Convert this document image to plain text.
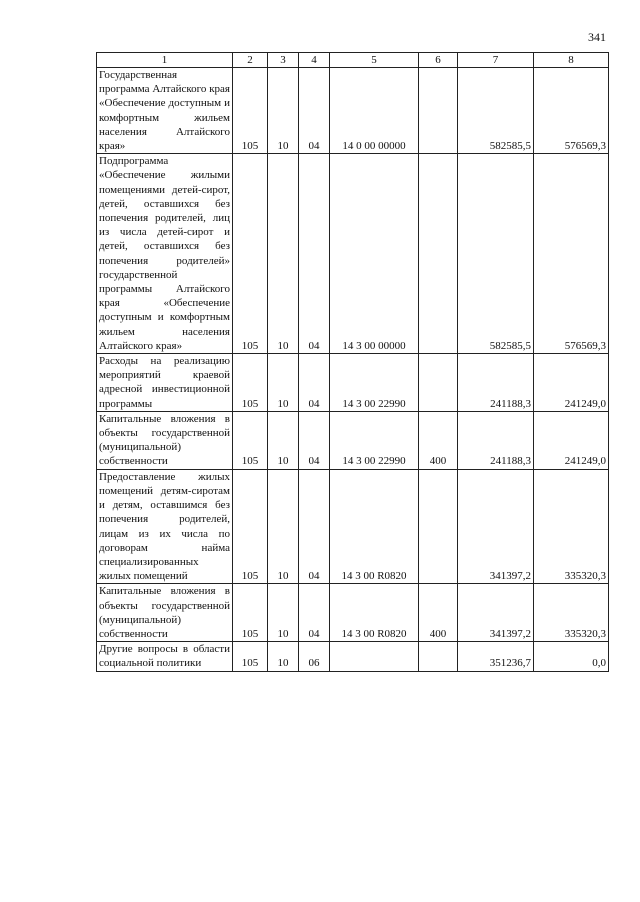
341
1	2	3	4	5	6	7	8
Государственная программа Алтайского края «Обеспечение доступным и комфортным жильем населения Алтайского края»	105	10	04	14 0 00 00000		582585,5	576569,3
Подпрограмма «Обеспечение жилыми помещениями детей-сирот, детей, оставшихся без попечения родителей, лиц из числа детей-сирот и детей, оставшихся без попечения родителей» государственной программы Алтайского края «Обеспечение доступным и комфортным жильем населения Алтайского края»	105	10	04	14 3 00 00000		582585,5	576569,3
Расходы на реализацию мероприятий краевой адресной инвестиционной программы	105	10	04	14 3 00 22990		241188,3	241249,0
Капитальные вложения в объекты государственной (муниципальной) собственности	105	10	04	14 3 00 22990	400	241188,3	241249,0
Предоставление жилых помещений детям-сиротам и детям, оставшимся без попечения родителей, лицам из их числа по договорам найма специализированных жилых помещений	105	10	04	14 3 00 R0820		341397,2	335320,3
Капитальные вложения в объекты государственной (муниципальной) собственности	105	10	04	14 3 00 R0820	400	341397,2	335320,3
Другие вопросы в области социальной политики	105	10	06			351236,7	0,0
